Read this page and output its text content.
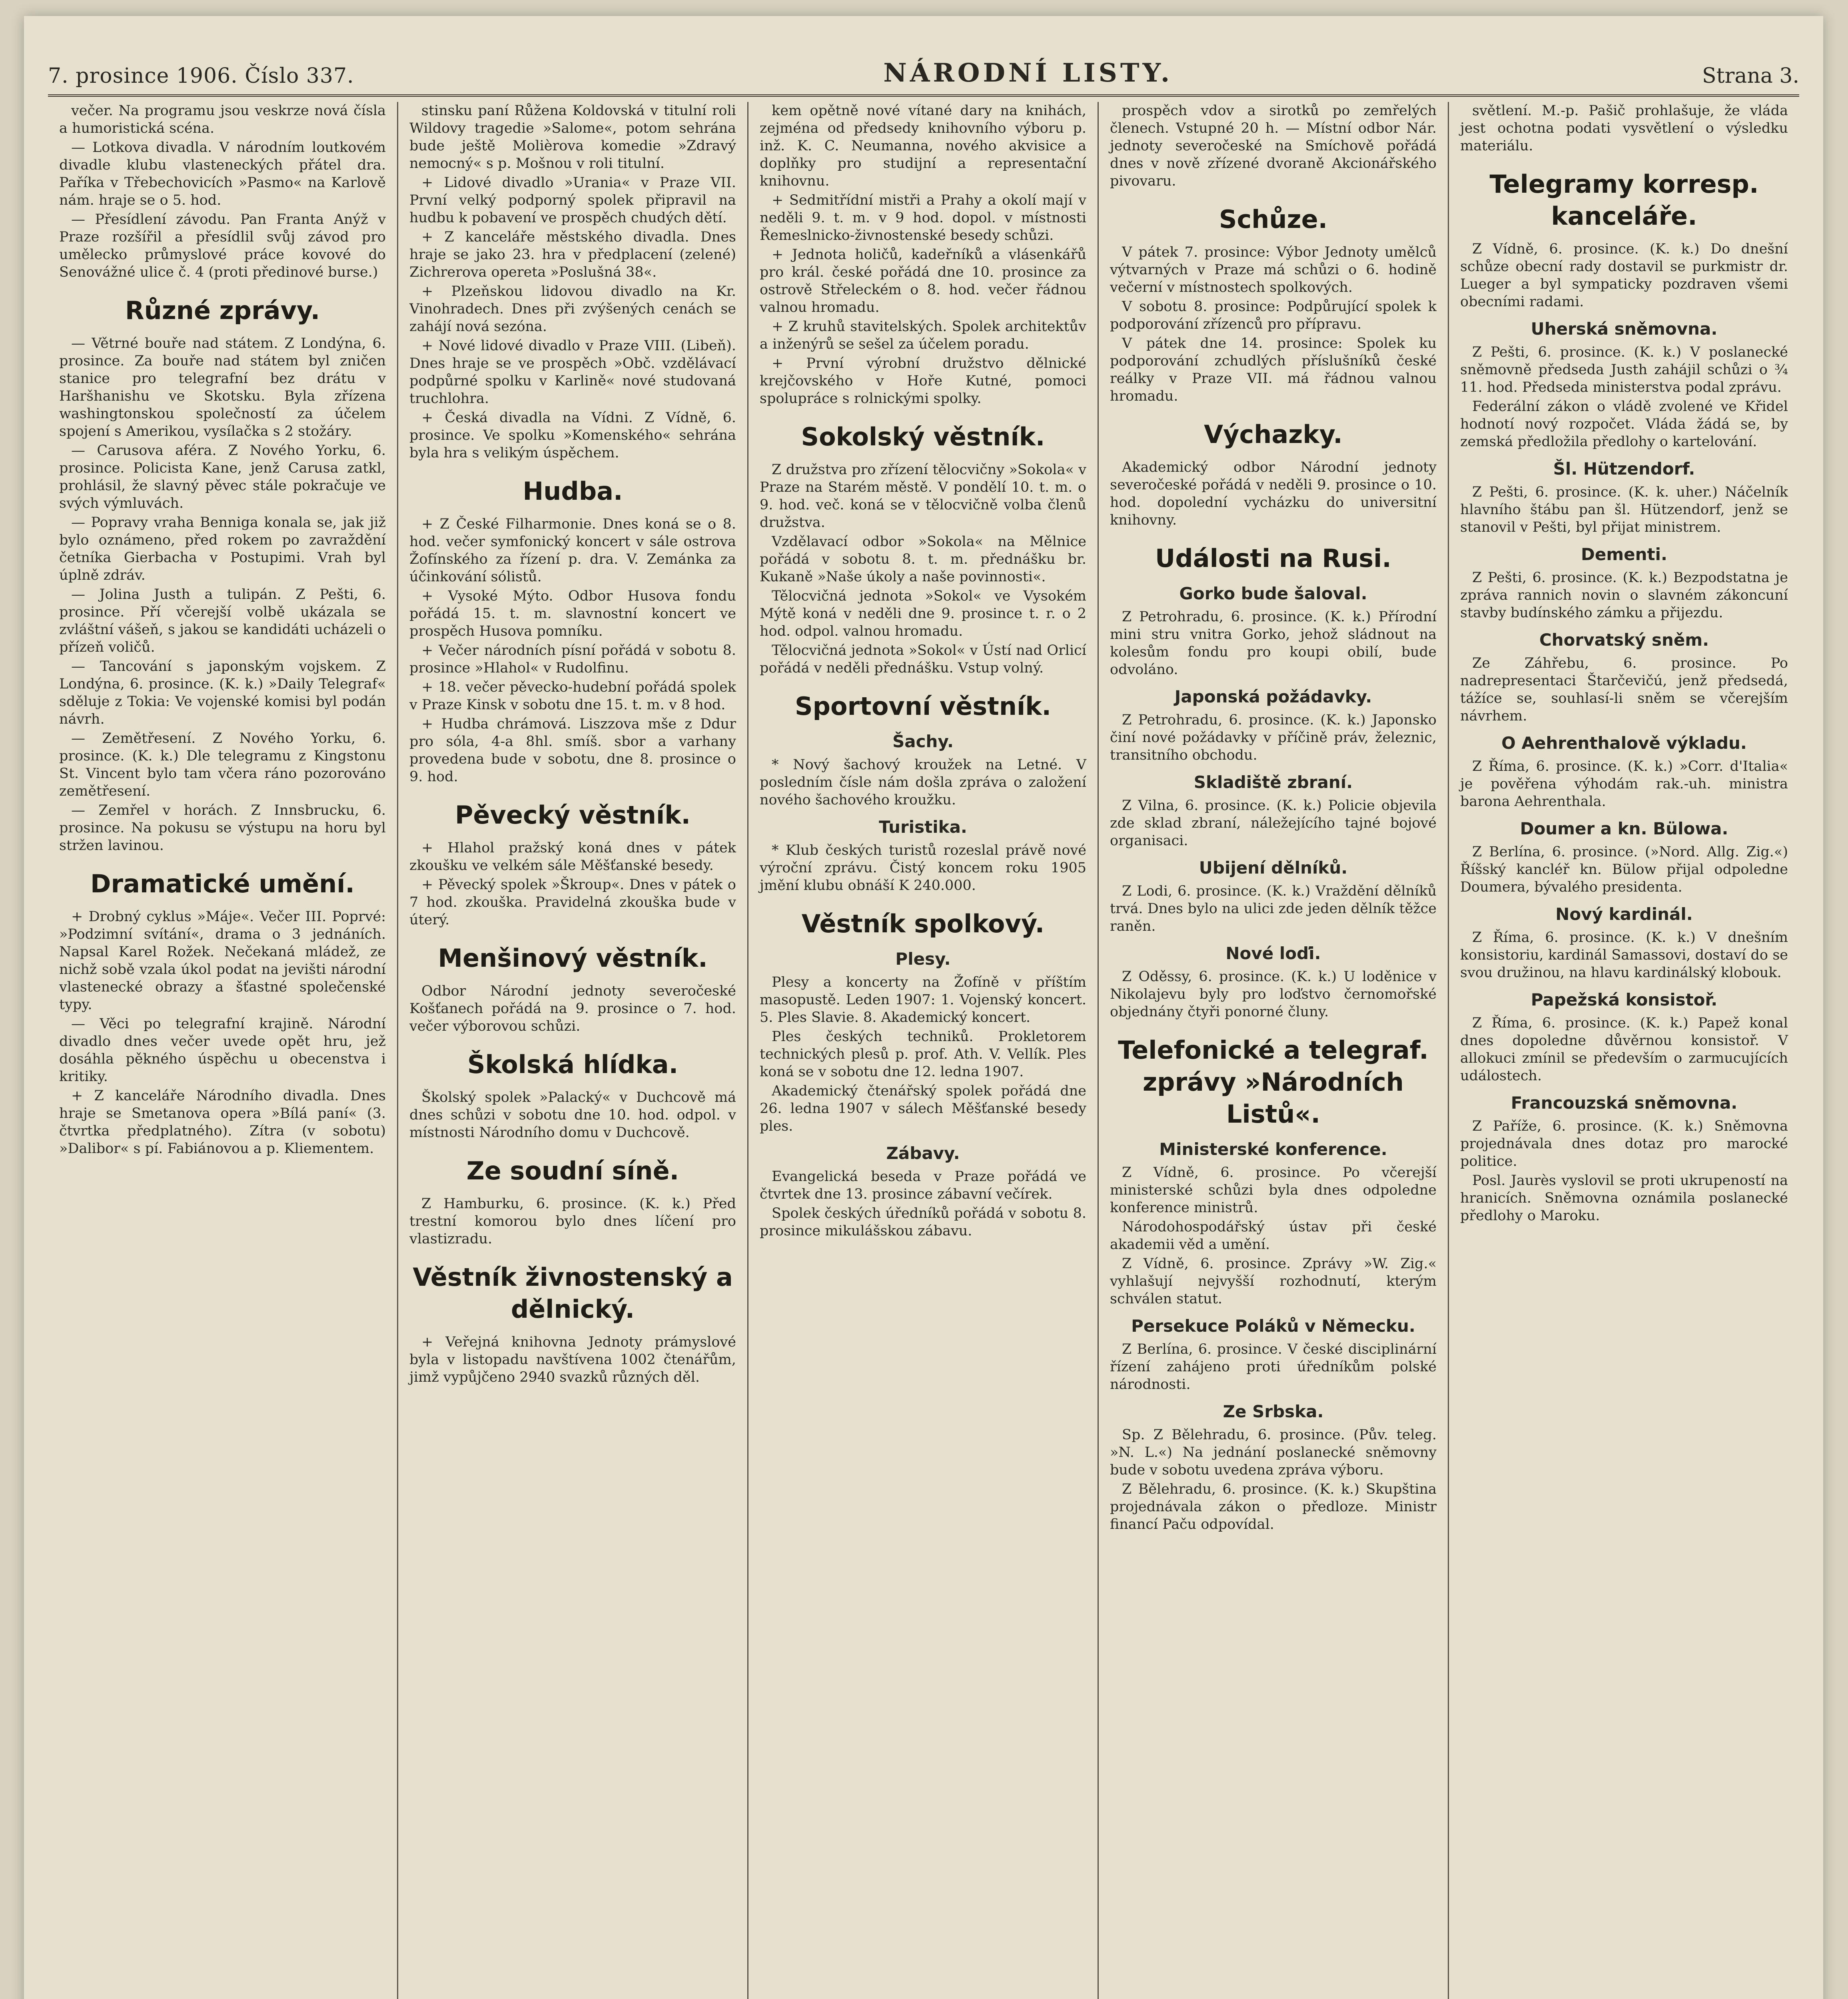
7. prosince 1906. Číslo 337.	NÁRODNÍ LISTY.	Strana 3.

večer. Na programu jsou veskrze nová čísla a humoristická scéna.

— Lotkova divadla. V národním loutkovém divadle klubu vlasteneckých přátel dra. Paříka v Třebechovicích »Pasmo« na Karlově nám. hraje se o 5. hod.

— Přesídlení závodu. Pan Franta Anýž v Praze rozšířil a přesídlil svůj závod pro umělecko průmyslové práce kovové do Senovážné ulice č. 4 (proti předinové burse.)

Různé zprávy.

— Větrné bouře nad státem. Z Londýna, 6. prosince. Za bouře nad státem byl zničen stanice pro telegrafní bez drátu v Haršhanishu ve Skotsku. Byla zřízena washingtonskou společností za účelem spojení s Amerikou, vysílačka s 2 stožáry.

— Carusova aféra. Z Nového Yorku, 6. prosince. Policista Kane, jenž Carusa zatkl, prohlásil, že slavný pěvec stále pokračuje ve svých výmluvách.

— Popravy vraha Benniga konala se, jak již bylo oznámeno, před rokem po zavraždění četníka Gierbacha v Postupimi. Vrah byl úplně zdráv.

— Jolina Justh a tulipán. Z Pešti, 6. prosince. Pří včerejší volbě ukázala se zvláštní vášeň, s jakou se kandidáti ucházeli o přízeň voličů.

— Tancování s japonským vojskem. Z Londýna, 6. prosince. (K. k.) »Daily Telegraf« sděluje z Tokia: Ve vojenské komisi byl podán návrh.

— Zemětřesení. Z Nového Yorku, 6. prosince. (K. k.) Dle telegramu z Kingstonu St. Vincent bylo tam včera ráno pozorováno zemětřesení.

— Zemřel v horách. Z Innsbrucku, 6. prosince. Na pokusu se výstupu na horu byl stržen lavinou.

Dramatické umění.

+ Drobný cyklus »Máje«. Večer III. Poprvé: »Podzimní svítání«, drama o 3 jednáních. Napsal Karel Rožek. Nečekaná mládež, ze nichž sobě vzala úkol podat na jevišti národní vlastenecké obrazy a šťastné společenské typy.

— Věci po telegrafní krajině. Národní divadlo dnes večer uvede opět hru, jež dosáhla pěkného úspěchu u obecenstva i kritiky.

+ Z kanceláře Národního divadla. Dnes hraje se Smetanova opera »Bílá paní« (3. čtvrtka předplatného). Zítra (v sobotu) »Dalibor« s pí. Fabiánovou a p. Kliementem.

stinsku paní Růžena Koldovská v titulní roli Wildovy tragedie »Salome«, potom sehrána bude ještě Molièrova komedie »Zdravý nemocný« s p. Mošnou v roli titulní.

+ Lidové divadlo »Urania« v Praze VII. První velký podporný spolek připravil na hudbu k pobavení ve prospěch chudých dětí.

+ Z kanceláře městského divadla. Dnes hraje se jako 23. hra v předplacení (zelené) Zichrerova opereta »Poslušná 38«.

+ Plzeňskou lidovou divadlo na Kr. Vinohradech. Dnes při zvýšených cenách se zahájí nová sezóna.

+ Nové lidové divadlo v Praze VIII. (Libeň). Dnes hraje se ve prospěch »Obč. vzdělávací podpůrné spolku v Karlině« nové studovaná truchlohra.

+ Česká divadla na Vídni. Z Vídně, 6. prosince. Ve spolku »Komenského« sehrána byla hra s velikým úspěchem.

Hudba.

+ Z České Filharmonie. Dnes koná se o 8. hod. večer symfonický koncert v sále ostrova Žofínského za řízení p. dra. V. Zemánka za účinkování sólistů.

+ Vysoké Mýto. Odbor Husova fondu pořádá 15. t. m. slavnostní koncert ve prospěch Husova pomníku.

+ Večer národních písní pořádá v sobotu 8. prosince »Hlahol« v Rudolfinu.

+ 18. večer pěvecko-hudební pořádá spolek v Praze Kinsk v sobotu dne 15. t. m. v 8 hod.

+ Hudba chrámová. Liszzova mše z Ddur pro sóla, 4-a 8hl. smíš. sbor a varhany provedena bude v sobotu, dne 8. prosince o 9. hod.

Pěvecký věstník.

+ Hlahol pražský koná dnes v pátek zkoušku ve velkém sále Měšťanské besedy.

+ Pěvecký spolek »Škroup«. Dnes v pátek o 7 hod. zkouška. Pravidelná zkouška bude v úterý.

Menšinový věstník.

Odbor Národní jednoty severočeské Košťanech pořádá na 9. prosince o 7. hod. večer výborovou schůzi.

Školská hlídka.

Školský spolek »Palacký« v Duchcově má dnes schůzi v sobotu dne 10. hod. odpol. v místnosti Národního domu v Duchcově.

Ze soudní síně.

Z Hamburku, 6. prosince. (K. k.) Před trestní komorou bylo dnes líčení pro vlastizradu.

Věstník živnostenský a dělnický.

+ Veřejná knihovna Jednoty prámyslové byla v listopadu navštívena 1002 čtenářům, jimž vypůjčeno 2940 svazků různých děl.

kem opětně nové vítané dary na knihách, zejména od předsedy knihovního výboru p. inž. K. C. Neumanna, nového akvisice a doplňky pro studijní a representační knihovnu.

+ Sedmitřídní mistři a Prahy a okolí mají v neděli 9. t. m. v 9 hod. dopol. v místnosti Řemeslnicko-živnostenské besedy schůzi.

+ Jednota holičů, kadeřníků a vlásenkářů pro král. české pořádá dne 10. prosince za ostrově Střeleckém o 8. hod. večer řádnou valnou hromadu.

+ Z kruhů stavitelských. Spolek architektův a inženýrů se sešel za účelem poradu.

+ První výrobní družstvo dělnické krejčovského v Hoře Kutné, pomoci spolupráce s rolnickými spolky.

Sokolský věstník.

Z družstva pro zřízení tělocvičny »Sokola« v Praze na Starém městě. V pondělí 10. t. m. o 9. hod. več. koná se v tělocvičně volba členů družstva.

Vzdělavací odbor »Sokola« na Mělnice pořádá v sobotu 8. t. m. přednášku br. Kukaně »Naše úkoly a naše povinnosti«.

Tělocvičná jednota »Sokol« ve Vysokém Mýtě koná v neděli dne 9. prosince t. r. o 2 hod. odpol. valnou hromadu.

Tělocvičná jednota »Sokol« v Ústí nad Orlicí pořádá v neděli přednášku. Vstup volný.

Sportovní věstník.
Šachy.

* Nový šachový kroužek na Letné. V posledním čísle nám došla zpráva o založení nového šachového kroužku.

Turistika.

* Klub českých turistů rozeslal právě nové výroční zprávu. Čistý koncem roku 1905 jmění klubu obnáší K 240.000.

Věstník spolkový.
Plesy.

Plesy a koncerty na Žofíně v příštím masopustě. Leden 1907: 1. Vojenský koncert. 5. Ples Slavie. 8. Akademický koncert.

Ples českých techniků. Prokletorem technických plesů p. prof. Ath. V. Vellík. Ples koná se v sobotu dne 12. ledna 1907.

Akademický čtenářský spolek pořádá dne 26. ledna 1907 v sálech Měšťanské besedy ples.

Zábavy.

Evangelická beseda v Praze pořádá ve čtvrtek dne 13. prosince zábavní večírek.

Spolek českých úředníků pořádá v sobotu 8. prosince mikulášskou zábavu.

prospěch vdov a sirotků po zemřelých členech. Vstupné 20 h. — Místní odbor Nár. jednoty severočeské na Smíchově pořádá dnes v nově zřízené dvoraně Akcionářského pivovaru.

Schůze.

V pátek 7. prosince: Výbor Jednoty umělců výtvarných v Praze má schůzi o 6. hodině večerní v místnostech spolkových.

V sobotu 8. prosince: Podpůrující spolek k podporování zřízenců pro přípravu.

V pátek dne 14. prosince: Spolek ku podporování zchudlých příslušníků české reálky v Praze VII. má řádnou valnou hromadu.

Výchazky.

Akademický odbor Národní jednoty severočeské pořádá v neděli 9. prosince o 10. hod. dopolední vycházku do universitní knihovny.

Události na Rusi.
Gorko bude šaloval.

Z Petrohradu, 6. prosince. (K. k.) Přírodní mini stru vnitra Gorko, jehož sládnout na kolesům fondu pro koupi obilí, bude odvoláno.

Japonská požádavky.

Z Petrohradu, 6. prosince. (K. k.) Japonsko činí nové požádavky v příčině práv, železnic, transitního obchodu.

Skladiště zbraní.

Z Vilna, 6. prosince. (K. k.) Policie objevila zde sklad zbraní, náležejícího tajné bojové organisaci.

Ubijení dělníků.

Z Lodi, 6. prosince. (K. k.) Vraždění dělníků trvá. Dnes bylo na ulici zde jeden dělník těžce raněn.

Nové loďi.

Z Oděssy, 6. prosince. (K. k.) U loděnice v Nikolajevu byly pro loďstvo černomořské objednány čtyři ponorné čluny.

Telefonické a telegraf. zprávy »Národních Listů«.
Ministerské konference.

Z Vídně, 6. prosince. Po včerejší ministerské schůzi byla dnes odpoledne konference ministrů.

Národohospodářský ústav při české akademii věd a umění.

Z Vídně, 6. prosince. Zprávy »W. Zig.« vyhlašují nejvyšší rozhodnutí, kterým schválen statut.

Persekuce Poláků v Německu.

Z Berlína, 6. prosince. V české disciplinární řízení zahájeno proti úředníkům polské národnosti.

Ze Srbska.

Sp. Z Bělehradu, 6. prosince. (Pův. teleg. »N. L.«) Na jednání poslanecké sněmovny bude v sobotu uvedena zpráva výboru.

Z Bělehradu, 6. prosince. (K. k.) Skupština projednávala zákon o předloze. Ministr financí Paču odpovídal.

světlení. M.-p. Pašič prohlašuje, že vláda jest ochotna podati vysvětlení o výsledku materiálu.

Telegramy korresp. kanceláře.

Z Vídně, 6. prosince. (K. k.) Do dnešní schůze obecní rady dostavil se purkmistr dr. Lueger a byl sympaticky pozdraven všemi obecními radami.

Uherská sněmovna.

Z Pešti, 6. prosince. (K. k.) V poslanecké sněmovně předseda Justh zahájil schůzi o ¾ 11. hod. Předseda ministerstva podal zprávu.

Federální zákon o vládě zvolené ve Křidel hodnotí nový rozpočet. Vláda žádá se, by zemská předložila předlohy o kartelování.

Šl. Hützendorf.

Z Pešti, 6. prosince. (K. k. uher.) Náčelník hlavního štábu pan šl. Hützendorf, jenž se stanovil v Pešti, byl přijat ministrem.

Dementi.

Z Pešti, 6. prosince. (K. k.) Bezpodstatna je zpráva rannich novin o slavném zákoncuní stavby budínského zámku a přijezdu.

Chorvatský sněm.

Ze Záhřebu, 6. prosince. Po nadrepresentaci Štarčevičú, jenž předsedá, tážíce se, souhlasí-li sněm se včerejším návrhem.

O Aehrenthalově výkladu.

Z Říma, 6. prosince. (K. k.) »Corr. d'Italia« je pověřena výhodám rak.-uh. ministra barona Aehrenthala.

Doumer a kn. Bülowa.

Z Berlína, 6. prosince. (»Nord. Allg. Zig.«) Říšský kancléř kn. Bülow přijal odpoledne Doumera, bývalého presidenta.

Nový kardinál.

Z Říma, 6. prosince. (K. k.) V dnešním konsistoriu, kardinál Samassovi, dostaví do se svou družinou, na hlavu kardinálský klobouk.

Papežská konsistoř.

Z Říma, 6. prosince. (K. k.) Papež konal dnes dopoledne důvěrnou konsistoř. V allokuci zmínil se především o zarmucujících událostech.

Francouzská sněmovna.

Z Paříže, 6. prosince. (K. k.) Sněmovna projednávala dnes dotaz pro marocké politice.

Posl. Jaurès vyslovil se proti ukrupeností na hranicích. Sněmovna oznámila poslanecké předlohy o Maroku.
